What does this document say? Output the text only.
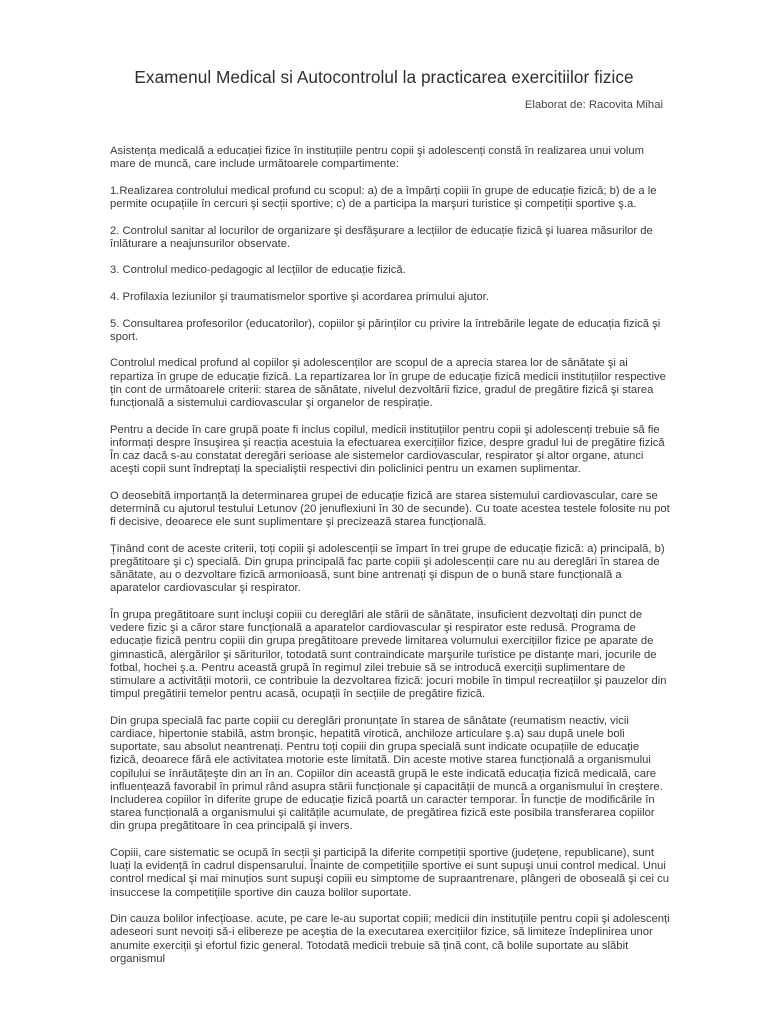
Examenul Medical si Autocontrolul la practicarea exercitiilor fizice

Elaborat de: Racovita Mihai

Asistența medicală a educației fizice în instituțiile pentru copii şi adolescenți constă în realizarea unui volum mare de muncă, care include următoarele compartimente:

1.Realizarea controlului medical profund cu scopul: a) de a împărți copiii în grupe de educație fizică; b) de a le permite ocupațiile în cercuri şi secții sportive; c) de a participa la marşuri turistice şi competiții sportive ş.a.

2. Controlul sanitar al locurilor de organizare şi desfăşurare a lecțiilor de educație fizică şi luarea măsurilor de înlăturare a neajunsurilor observate.

3. Controlul medico-pedagogic al lecțiilor de educație fizică.

4. Profilaxia leziunilor şi traumatismelor sportive şi acordarea primului ajutor.

5. Consultarea profesorilor (educatorilor), copiilor şi părinților cu privire la întrebările legate de educația fizică şi sport.

Controlul medical profund al copiilor şi adolescenților are scopul de a aprecia starea lor de sănătate şi ai repartiza în grupe de educație fizică. La repartizarea lor în grupe de educație fizică medicii instituțiilor respective țin cont de următoarele criterii: starea de sănătate, nivelul dezvoltării fizice, gradul de pregătire fizică şi starea funcțională a sistemului cardiovascular şi organelor de respirație.

Pentru a decide în care grupă poate fi inclus copilul, medicii instituțiilor pentru copii şi adolescenți trebuie să fie informați despre însuşirea şi reacția acestuia la efectuarea exercițiilor fizice, despre gradul lui de pregătire fizică În caz dacă s-au constatat deregări serioase ale sistemelor cardiovascular, respirator şi altor organe, atunci aceşti copii sunt îndreptați la specialiştii respectivi din policlinici pentru un examen suplimentar.

O deosebită importanță la determinarea grupei de educație fizică are starea sistemului cardiovascular, care se determină cu ajutorul testului Letunov (20 jenuflexiuni în 30 de secunde). Cu toate acestea testele folosite nu pot fi decisive, deoarece ele sunt suplimentare şi precizează starea funcțională.

Ținând cont de aceste criterii, toți copiii şi adolescenții se împart în trei grupe de educație fizică: a) principală, b) pregătitoare şi c) specială. Din grupa principală fac parte copiii şi adolescenții care nu au dereglări în starea de sănătate, au o dezvoltare fizică armonioasă, sunt bine antrenați şi dispun de o bună stare funcțională a aparatelor cardiovascular şi respirator.

În grupa pregătitoare sunt incluşi copiii cu dereglări ale stării de sănătate, insuficient dezvoltați din punct de vedere fizic şi a căror stare funcțională a aparatelor cardiovascular şi respirator este redusă. Programa de educație fizică pentru copiii din grupa pregătitoare prevede limitarea volumului exercițiilor fizice pe aparate de gimnastică, alergărilor şi săriturilor, totodată sunt contraindicate marşurile turistice pe distanțe mari, jocurile de fotbal, hochei ş.a. Pentru această grupă în regimul zilei trebuie să se introducă exerciții suplimentare de stimulare a activității motorii, ce contribuie la dezvoltarea fizică: jocuri mobile în timpul recreațiilor şi pauzelor din timpul pregătirii temelor pentru acasă, ocupații în secțiile de pregătire fizică.

Din grupa specială fac parte copiii cu dereglări pronunțate în starea de sănătate (reumatism neactiv, vicii cardiace, hipertonie stabilă, astm bronşic, hepatită virotică, anchiloze articulare ş.a) sau după unele boli suportate, sau absolut neantrenați. Pentru toți copiii din grupa specială sunt indicate ocupațiile de educație fizică, deoarece fără ele activitatea motorie este limitată. Din aceste motive starea funcțională a organismului copilului se înrăutățeşte din an în an. Copiilor din această grupă le este indicată educația fizică medicală, care influențează favorabil în primul rând asupra stării funcționale şi capacității de muncă a organismului în creştere.
Includerea copiilor în diferite grupe de educație fizică poartă un caracter temporar. În funcție de modificările în starea funcțională a organismului şi calitățile acumulate, de pregătirea fizică este posibila transferarea copiilor din grupa pregătitoare în cea principală şi invers.

Copiii, care sistematic se ocupă în secții şi participă la diferite competiții sportive (județene, republicane), sunt luați la evidență în cadrul dispensarului. Înainte de competițiile sportive ei sunt supuşi unui control medical. Unui control medical şi mai minuțios sunt supuşi copiii eu simptome de supraantrenare, plângeri de oboseală şi cei cu insuccese la competițiile sportive din cauza bolilor suportate.

Din cauza bolilor infecțioase. acute, pe care le-au suportat copiii; medicii din instituțiile pentru copii şi adolescenți adeseori sunt nevoiți să-i elibereze pe aceştia de la executarea exercițiilor fizice, să limiteze îndeplinirea unor anumite exerciții şi efortul fizic general. Totodată medicii trebuie să țină cont, că bolile suportate au slăbit organismul
